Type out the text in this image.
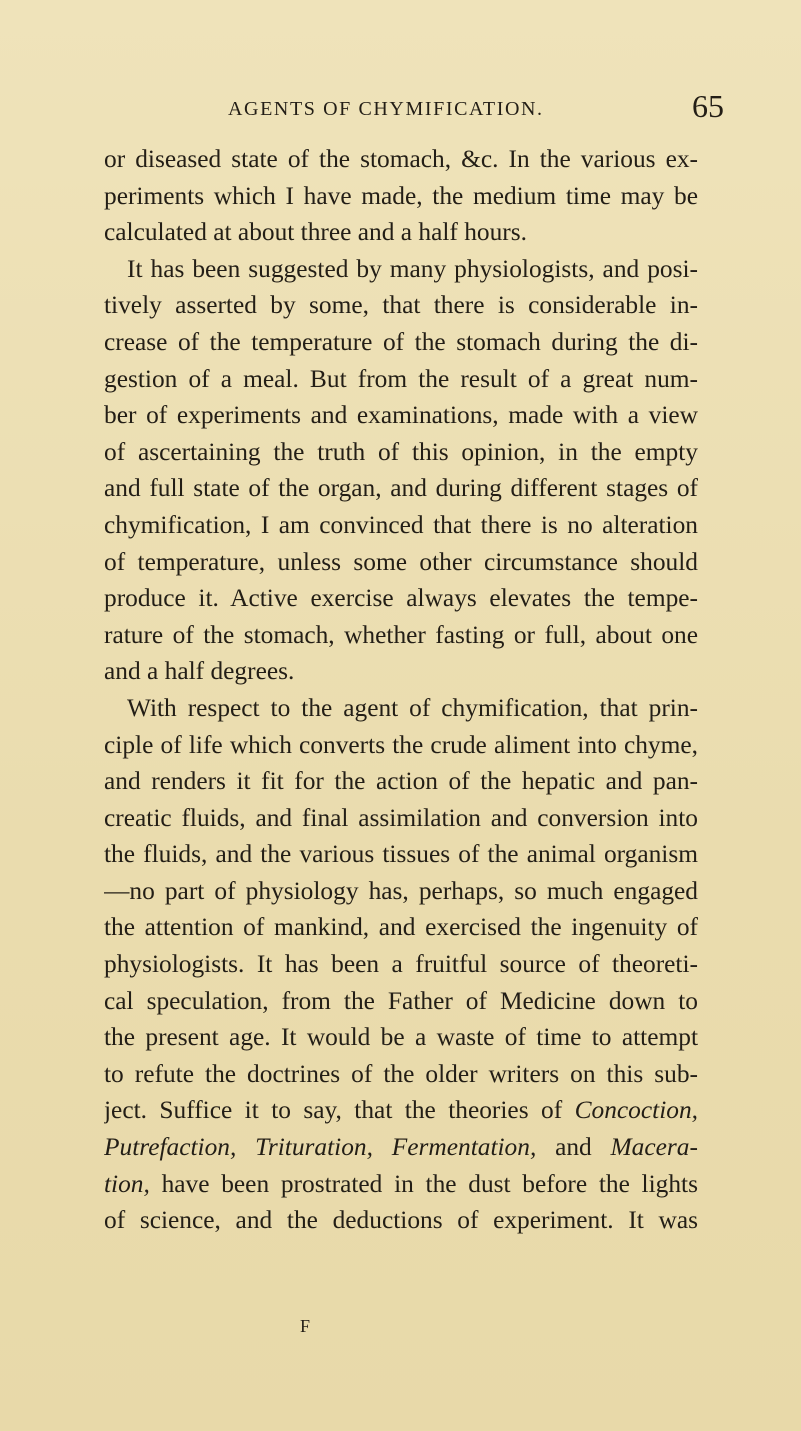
AGENTS OF CHYMIFICATION.	65
or diseased state of the stomach, &c. In the various ex-
periments which I have made, the medium time may be
calculated at about three and a half hours.
It has been suggested by many physiologists, and posi-
tively asserted by some, that there is considerable in-
crease of the temperature of the stomach during the di-
gestion of a meal. But from the result of a great num-
ber of experiments and examinations, made with a view
of ascertaining the truth of this opinion, in the empty
and full state of the organ, and during different stages of
chymification, I am convinced that there is no alteration
of temperature, unless some other circumstance should
produce it. Active exercise always elevates the tempe-
rature of the stomach, whether fasting or full, about one
and a half degrees.
With respect to the agent of chymification, that prin-
ciple of life which converts the crude aliment into chyme,
and renders it fit for the action of the hepatic and pan-
creatic fluids, and final assimilation and conversion into
the fluids, and the various tissues of the animal organism
—no part of physiology has, perhaps, so much engaged
the attention of mankind, and exercised the ingenuity of
physiologists. It has been a fruitful source of theoreti-
cal speculation, from the Father of Medicine down to
the present age. It would be a waste of time to attempt
to refute the doctrines of the older writers on this sub-
ject. Suffice it to say, that the theories of Concoction,
Putrefaction, Trituration, Fermentation, and Macera-
tion, have been prostrated in the dust before the lights
of science, and the deductions of experiment. It was
F
